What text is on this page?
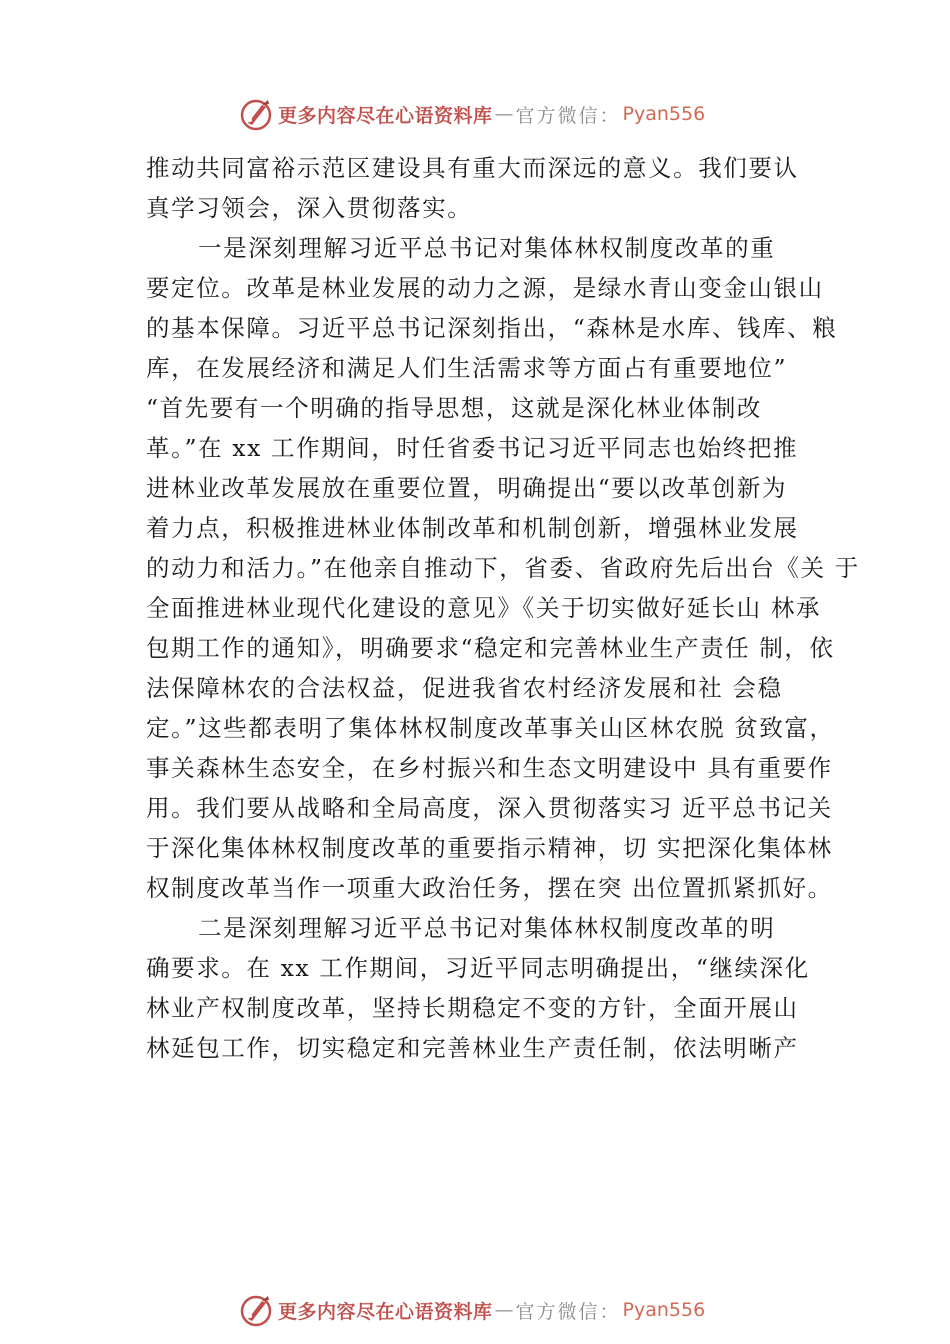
更多内容尽在心语资料库 — 官方微信： Pyan556
推动共同富裕示范区建设具有重大而深远的意义。我们要认
真学习领会，深入贯彻落实。
一是深刻理解习近平总书记对集体林权制度改革的重
要定位。改革是林业发展的动力之源，是绿水青山变金山银山
的基本保障。习近平总书记深刻指出，“森林是水库、钱库、粮
库，在发展经济和满足人们生活需求等方面占有重要地位”
“首先要有一个明确的指导思想，这就是深化林业体制改
革。”在 xx 工作期间，时任省委书记习近平同志也始终把推
进林业改革发展放在重要位置，明确提出“要以改革创新为
着力点，积极推进林业体制改革和机制创新，增强林业发展
的动力和活力。”在他亲自推动下，省委、省政府先后出台《关 于
全面推进林业现代化建设的意见》《关于切实做好延长山 林承
包期工作的通知》，明确要求“稳定和完善林业生产责任 制，依
法保障林农的合法权益，促进我省农村经济发展和社 会稳
定。”这些都表明了集体林权制度改革事关山区林农脱 贫致富，
事关森林生态安全，在乡村振兴和生态文明建设中 具有重要作
用。我们要从战略和全局高度，深入贯彻落实习 近平总书记关
于深化集体林权制度改革的重要指示精神，切 实把深化集体林
权制度改革当作一项重大政治任务，摆在突 出位置抓紧抓好。
二是深刻理解习近平总书记对集体林权制度改革的明
确要求。在 xx 工作期间，习近平同志明确提出，“继续深化
林业产权制度改革，坚持长期稳定不变的方针，全面开展山
林延包工作，切实稳定和完善林业生产责任制，依法明晰产
更多内容尽在心语资料库 — 官方微信： Pyan556
